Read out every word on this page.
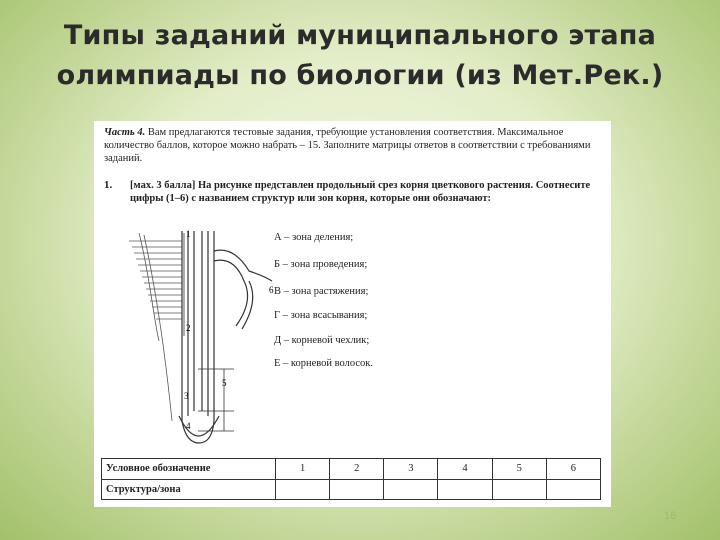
Типы заданий муниципального этапа
олимпиады по биологии (из Мет.Рек.)
Часть 4. Вам предлагаются тестовые задания, требующие установления соответствия. Максимальное количество баллов, которое можно набрать – 15. Заполните матрицы ответов в соответствии с требованиями заданий.
1. [мах. 3 балла] На рисунке представлен продольный срез корня цветкового растения. Соотнесите цифры (1–6) с названием структур или зон корня, которые они обозначают:
1
2
3
4
5
6
А – зона деления;
Б – зона проведения;
В – зона растяжения;
Г – зона всасывания;
Д – корневой чехлик;
Е – корневой волосок.
Условное обозначение	1	2	3	4	5	6
Структура/зона						
16
